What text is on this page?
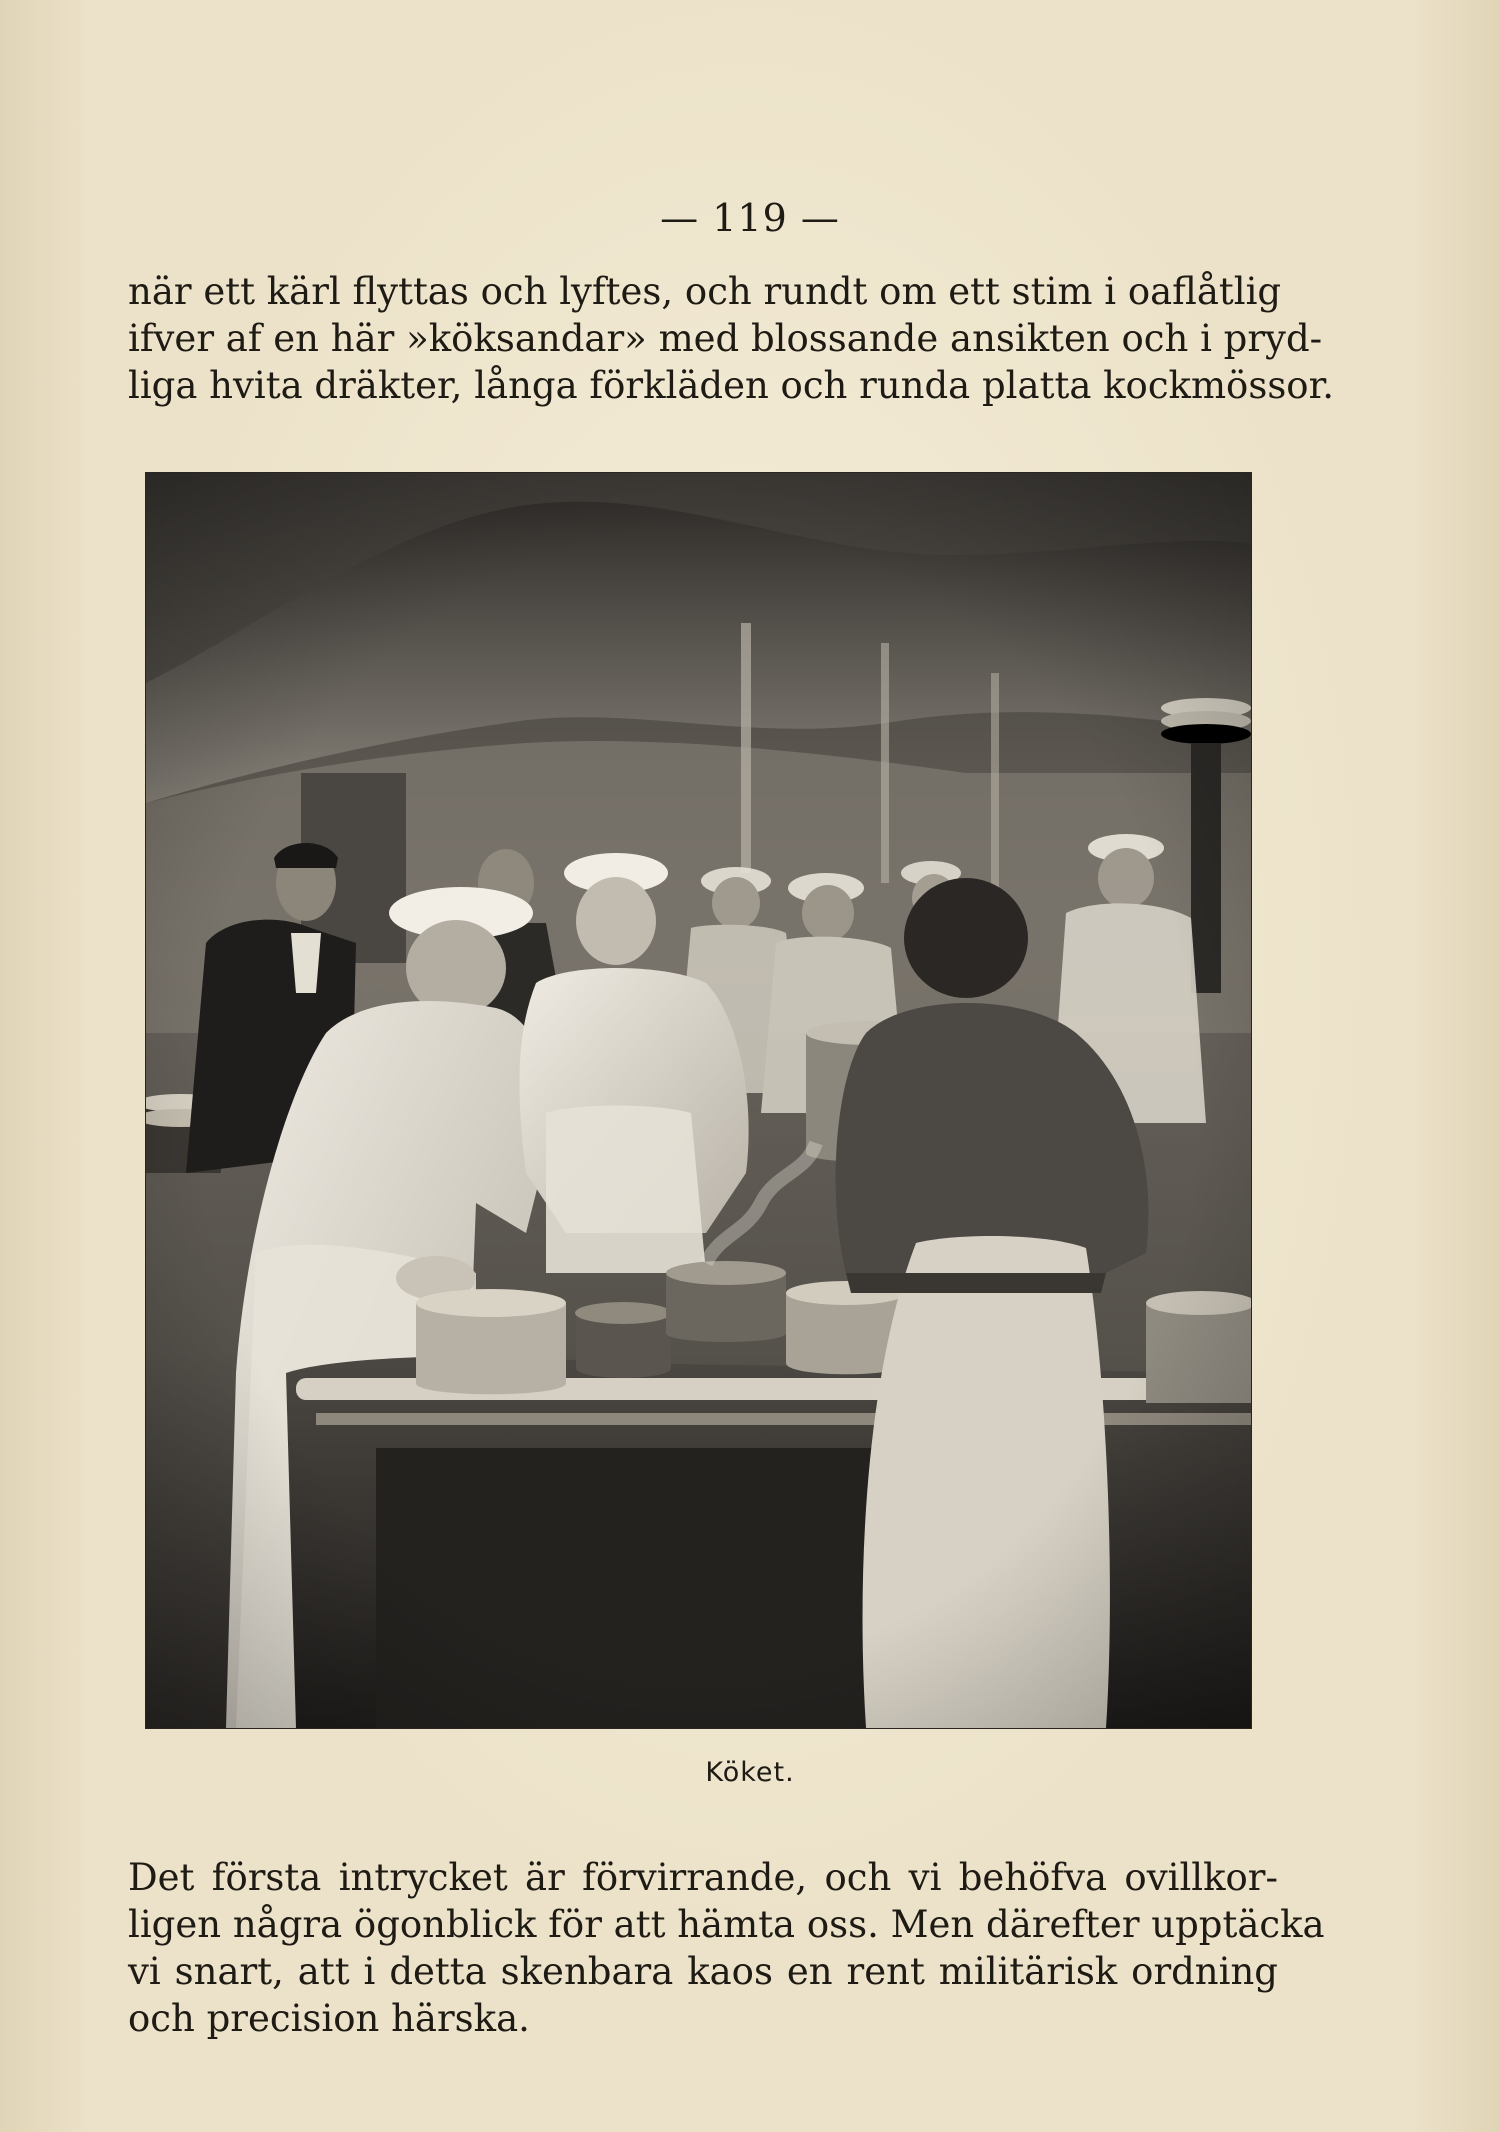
— 119 —

när ett kärl flyttas och lyftes, och rundt om ett stim i oaflåtlig
ifver af en här »köksandar» med blossande ansikten och i pryd-
liga hvita dräkter, långa förkläden och runda platta kockmössor.

Köket.

Det första intrycket är förvirrande, och vi behöfva ovillkor-
ligen några ögonblick för att hämta oss. Men därefter upptäcka
vi snart, att i detta skenbara kaos en rent militärisk ordning
och precision härska.
